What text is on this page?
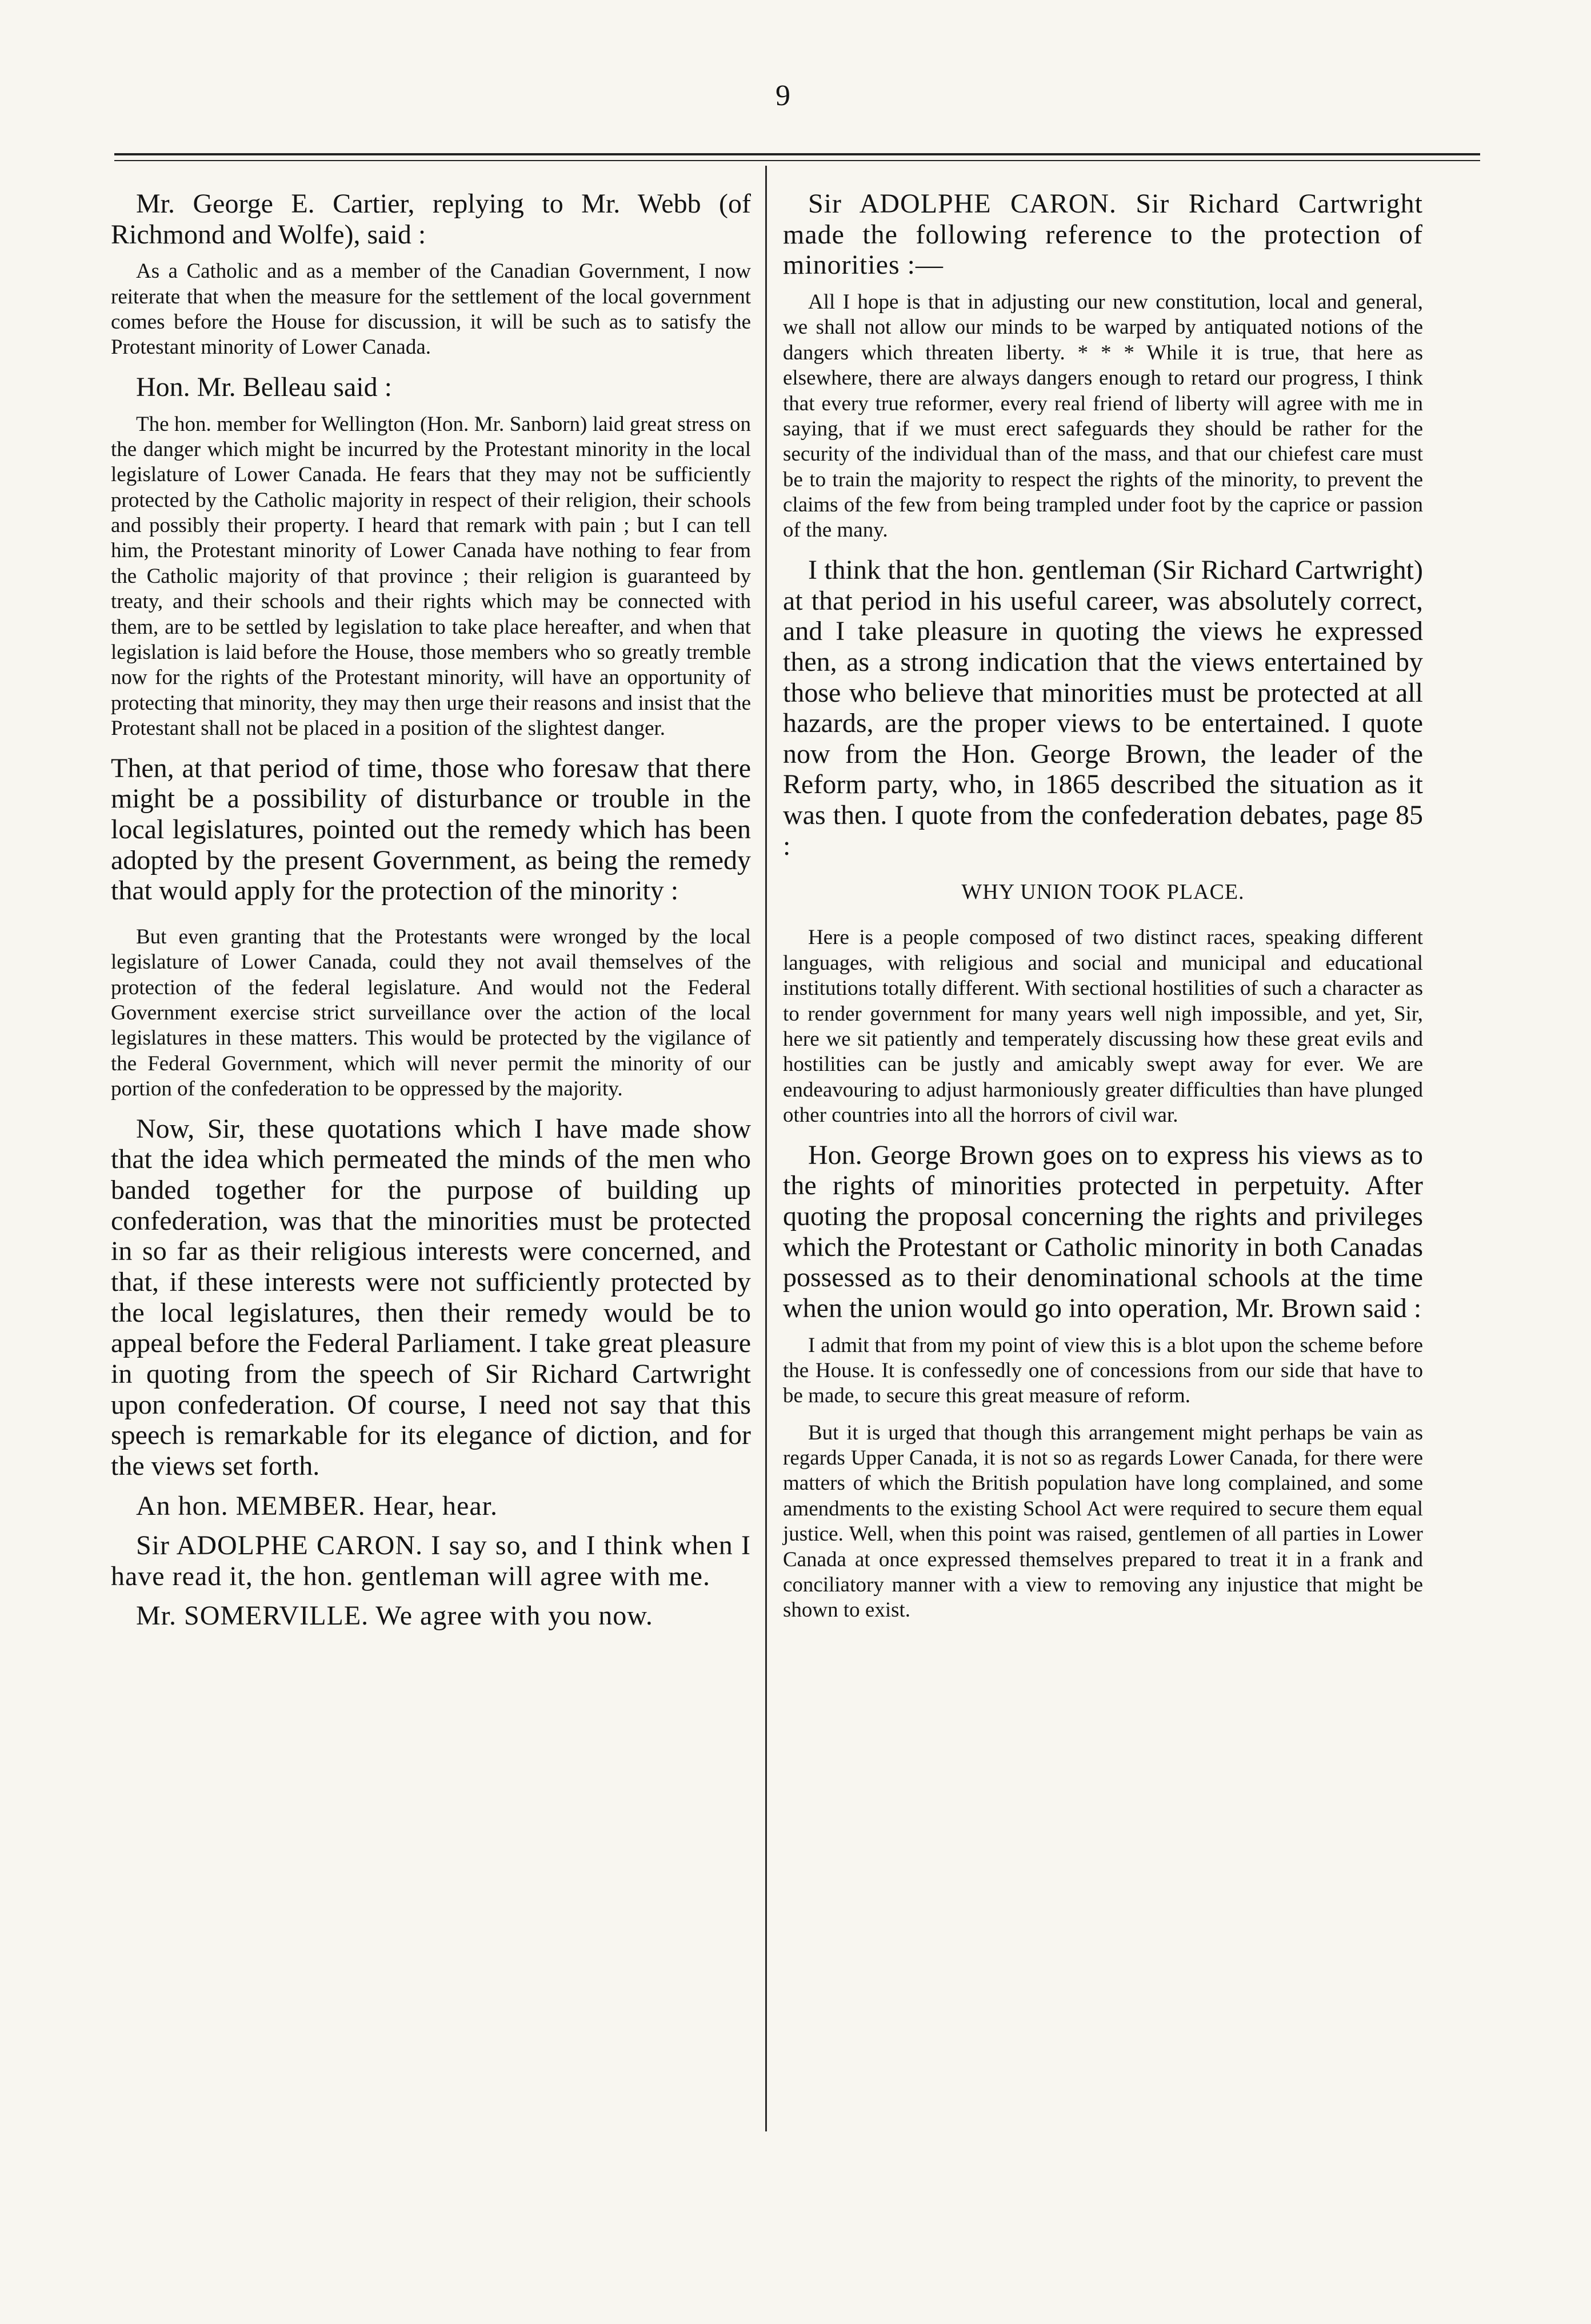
9

Mr. George E. Cartier, replying to Mr. Webb (of Richmond and Wolfe), said :

As a Catholic and as a member of the Canadian Government, I now reiterate that when the measure for the settlement of the local government comes before the House for discussion, it will be such as to satisfy the Protestant minority of Lower Canada.

Hon. Mr. Belleau said :

The hon. member for Wellington (Hon. Mr. Sanborn) laid great stress on the danger which might be incurred by the Protestant minority in the local legislature of Lower Canada. He fears that they may not be sufficiently protected by the Catholic majority in respect of their religion, their schools and possibly their property. I heard that remark with pain ; but I can tell him, the Protestant minority of Lower Canada have nothing to fear from the Catholic majority of that province ; their religion is guaranteed by treaty, and their schools and their rights which may be connected with them, are to be settled by legislation to take place hereafter, and when that legislation is laid before the House, those members who so greatly tremble now for the rights of the Protestant minority, will have an opportunity of protecting that minority, they may then urge their reasons and insist that the Protestant shall not be placed in a position of the slightest danger.

Then, at that period of time, those who foresaw that there might be a possibility of disturbance or trouble in the local legislatures, pointed out the remedy which has been adopted by the present Government, as being the remedy that would apply for the protection of the minority :

But even granting that the Protestants were wronged by the local legislature of Lower Canada, could they not avail themselves of the protection of the federal legislature. And would not the Federal Government exercise strict surveillance over the action of the local legislatures in these matters. This would be protected by the vigilance of the Federal Government, which will never permit the minority of our portion of the confederation to be oppressed by the majority.

Now, Sir, these quotations which I have made show that the idea which permeated the minds of the men who banded together for the purpose of building up confederation, was that the minorities must be protected in so far as their religious interests were concerned, and that, if these interests were not sufficiently protected by the local legislatures, then their remedy would be to appeal before the Federal Parliament. I take great pleasure in quoting from the speech of Sir Richard Cartwright upon confederation. Of course, I need not say that this speech is remarkable for its elegance of diction, and for the views set forth.

An hon. MEMBER. Hear, hear.

Sir ADOLPHE CARON. I say so, and I think when I have read it, the hon. gentleman will agree with me.

Mr. SOMERVILLE. We agree with you now.

Sir ADOLPHE CARON. Sir Richard Cartwright made the following reference to the protection of minorities :—

All I hope is that in adjusting our new constitution, local and general, we shall not allow our minds to be warped by antiquated notions of the dangers which threaten liberty. * * * While it is true, that here as elsewhere, there are always dangers enough to retard our progress, I think that every true reformer, every real friend of liberty will agree with me in saying, that if we must erect safeguards they should be rather for the security of the individual than of the mass, and that our chiefest care must be to train the majority to respect the rights of the minority, to prevent the claims of the few from being trampled under foot by the caprice or passion of the many.

I think that the hon. gentleman (Sir Richard Cartwright) at that period in his useful career, was absolutely correct, and I take pleasure in quoting the views he expressed then, as a strong indication that the views entertained by those who believe that minorities must be protected at all hazards, are the proper views to be entertained. I quote now from the Hon. George Brown, the leader of the Reform party, who, in 1865 described the situation as it was then. I quote from the confederation debates, page 85 :

WHY UNION TOOK PLACE.

Here is a people composed of two distinct races, speaking different languages, with religious and social and municipal and educational institutions totally different. With sectional hostilities of such a character as to render government for many years well nigh impossible, and yet, Sir, here we sit patiently and temperately discussing how these great evils and hostilities can be justly and amicably swept away for ever. We are endeavouring to adjust harmoniously greater difficulties than have plunged other countries into all the horrors of civil war.

Hon. George Brown goes on to express his views as to the rights of minorities protected in perpetuity. After quoting the proposal concerning the rights and privileges which the Protestant or Catholic minority in both Canadas possessed as to their denominational schools at the time when the union would go into operation, Mr. Brown said :

I admit that from my point of view this is a blot upon the scheme before the House. It is confessedly one of concessions from our side that have to be made, to secure this great measure of reform.

But it is urged that though this arrangement might perhaps be vain as regards Upper Canada, it is not so as regards Lower Canada, for there were matters of which the British population have long complained, and some amendments to the existing School Act were required to secure them equal justice. Well, when this point was raised, gentlemen of all parties in Lower Canada at once expressed themselves prepared to treat it in a frank and conciliatory manner with a view to removing any injustice that might be shown to exist.
